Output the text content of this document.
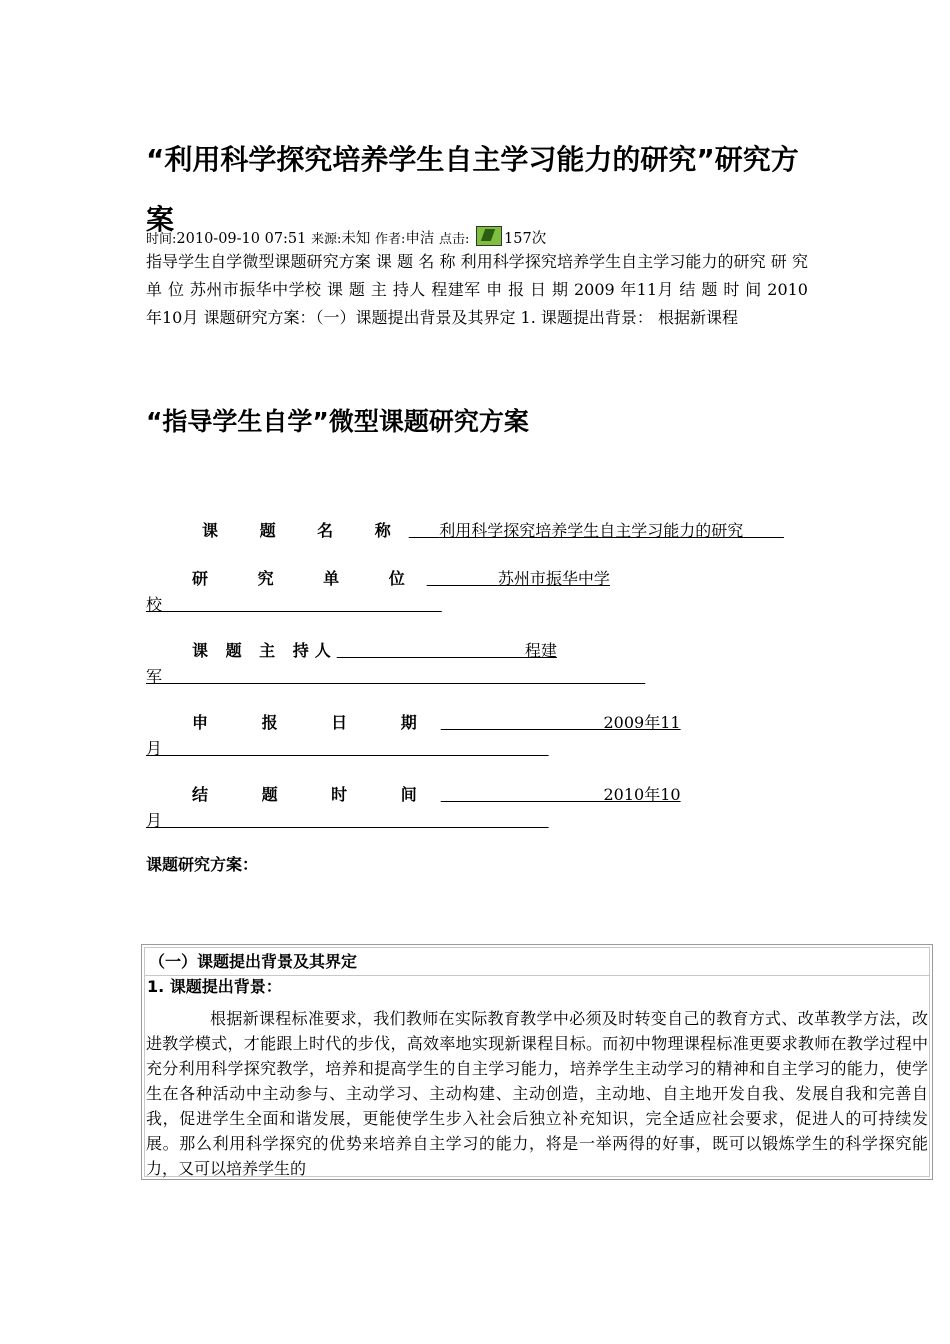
“利用科学探究培养学生自主学习能力的研究”研究方案
时间:2010-09-10 07:51 来源:未知 作者:申洁 点击: 157次

指导学生自学微型课题研究方案 课 题 名 称 利用科学探究培养学生自主学习能力的研究 研 究 单 位 苏州市振华中学校 课 题 主 持人 程建军 申 报 日 期 2009 年11月 结 题 时 间 2010 年10月 课题研究方案：（一）课题提出背景及其界定 1. 课题提出背景： 根据新课程

“指导学生自学”微型课题研究方案
课 题 名 称 利用科学探究培养学生自主学习能力的研究
研 究 单 位	苏州市振华中学
校
课 题 主 持人	程建
军
申 报 日 期	2009年11
月
结 题 时 间	2010年10
月
课题研究方案：
（一）课题提出背景及其界定
1. 课题提出背景：
根据新课程标准要求，我们教师在实际教育教学中必须及时转变自己的教育方式、改革教学方法，改进教学模式，才能跟上时代的步伐，高效率地实现新课程目标。而初中物理课程标准更要求教师在教学过程中充分利用科学探究教学，培养和提高学生的自主学习能力，培养学生主动学习的精神和自主学习的能力，使学生在各种活动中主动参与、主动学习、主动构建、主动创造，主动地、自主地开发自我、发展自我和完善自我，促进学生全面和谐发展，更能使学生步入社会后独立补充知识，完全适应社会要求，促进人的可持续发展。那么利用科学探究的优势来培养自主学习的能力，将是一举两得的好事，既可以锻炼学生的科学探究能力，又可以培养学生的
